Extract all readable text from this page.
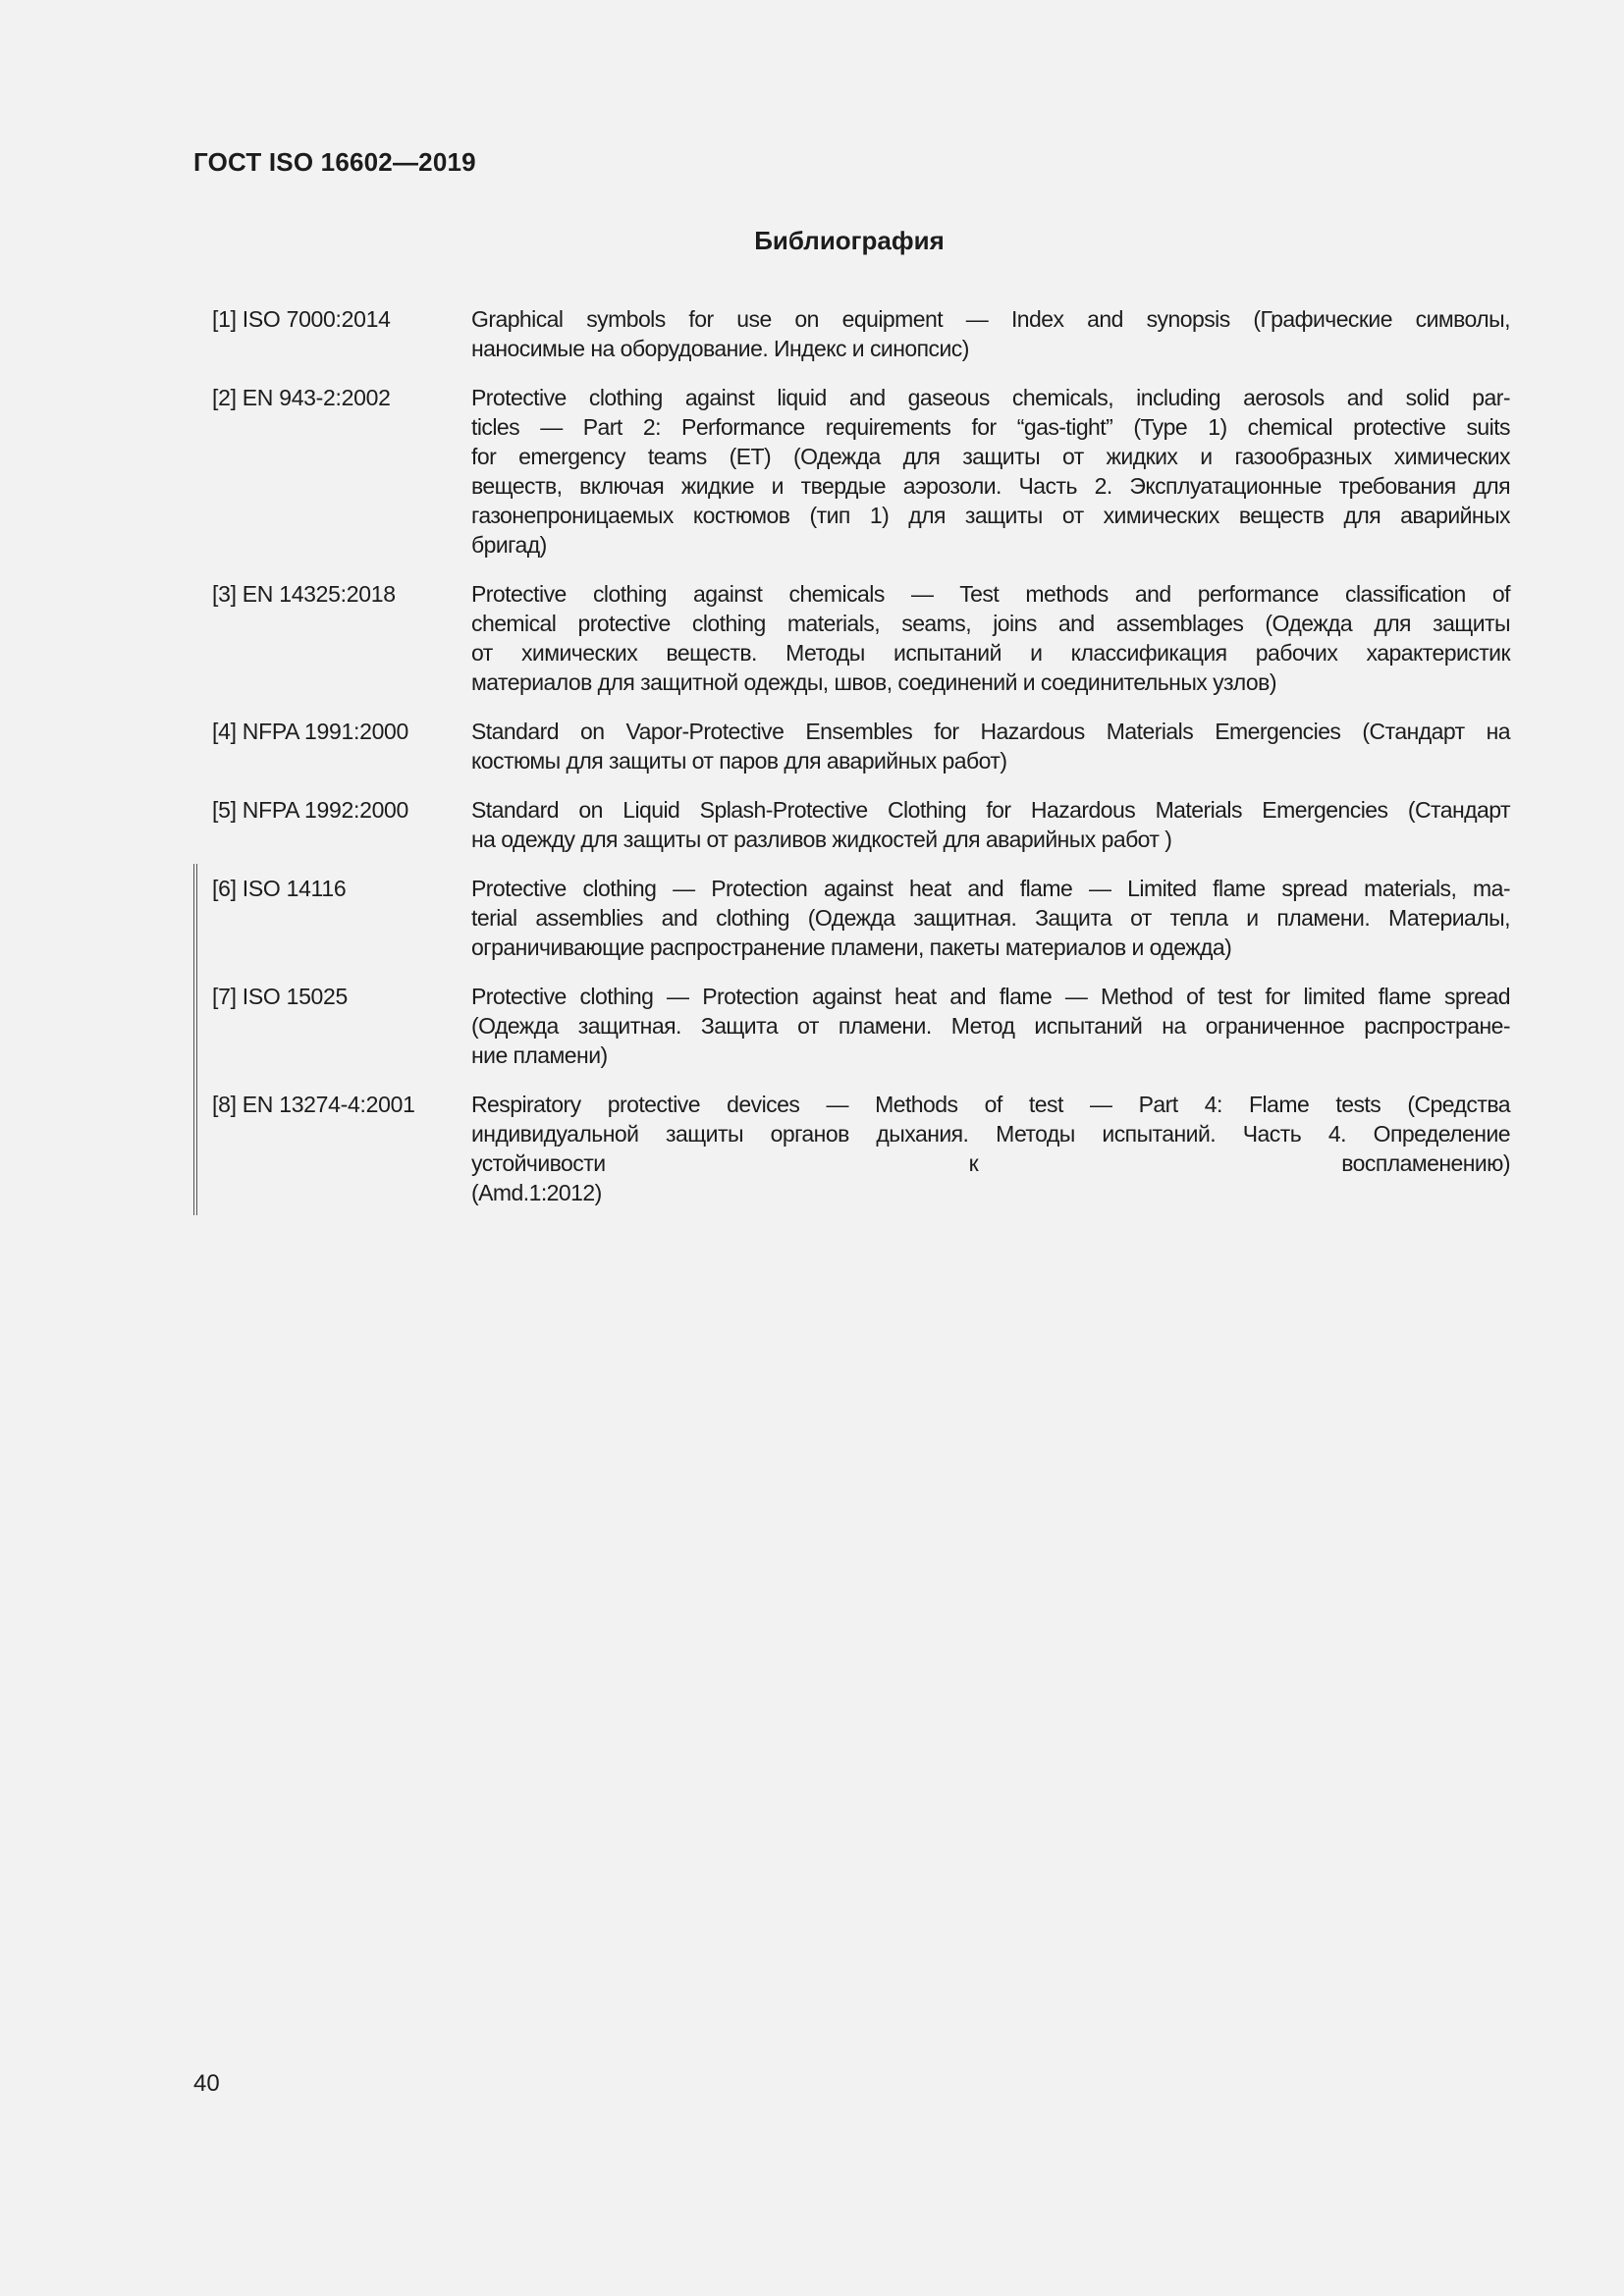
ГОСТ ISO 16602—2019
Библиография
[1] ISO 7000:2014	Graphical symbols for use on equipment — Index and synopsis (Графические символы,
наносимые на оборудование. Индекс и синопсис)
[2] EN 943-2:2002	Protective clothing against liquid and gaseous chemicals, including aerosols and solid par-
ticles — Part 2: Performance requirements for “gas-tight” (Type 1) chemical protective suits
for emergency teams (ET) (Одежда для защиты от жидких и газообразных химических
веществ, включая жидкие и твердые аэрозоли. Часть 2. Эксплуатационные требования для
газонепроницаемых костюмов (тип 1) для защиты от химических веществ для аварийных
бригад)
[3] EN 14325:2018	Protective clothing against chemicals — Test methods and performance classification of
chemical protective clothing materials, seams, joins and assemblages (Одежда для защиты
от химических веществ. Методы испытаний и классификация рабочих характеристик
материалов для защитной одежды, швов, соединений и соединительных узлов)
[4] NFPA 1991:2000	Standard on Vapor-Protective Ensembles for Hazardous Materials Emergencies (Стандарт на
костюмы для защиты от паров для аварийных работ)
[5] NFPA 1992:2000	Standard on Liquid Splash-Protective Clothing for Hazardous Materials Emergencies (Стандарт
на одежду для защиты от разливов жидкостей для аварийных работ )
[6] ISO 14116	Protective clothing — Protection against heat and flame — Limited flame spread materials, ma-
terial assemblies and clothing (Одежда защитная. Защита от тепла и пламени. Материалы,
ограничивающие распространение пламени, пакеты материалов и одежда)
[7] ISO 15025	Protective clothing — Protection against heat and flame — Method of test for limited flame spread
(Одежда защитная. Защита от пламени. Метод испытаний на ограниченное распростране-
ние пламени)
[8] EN 13274-4:2001	Respiratory protective devices — Methods of test — Part 4: Flame tests (Средства
индивидуальной защиты органов дыхания. Методы испытаний. Часть 4. Определение
устойчивости к воспламенению)
(Amd.1:2012)
40
